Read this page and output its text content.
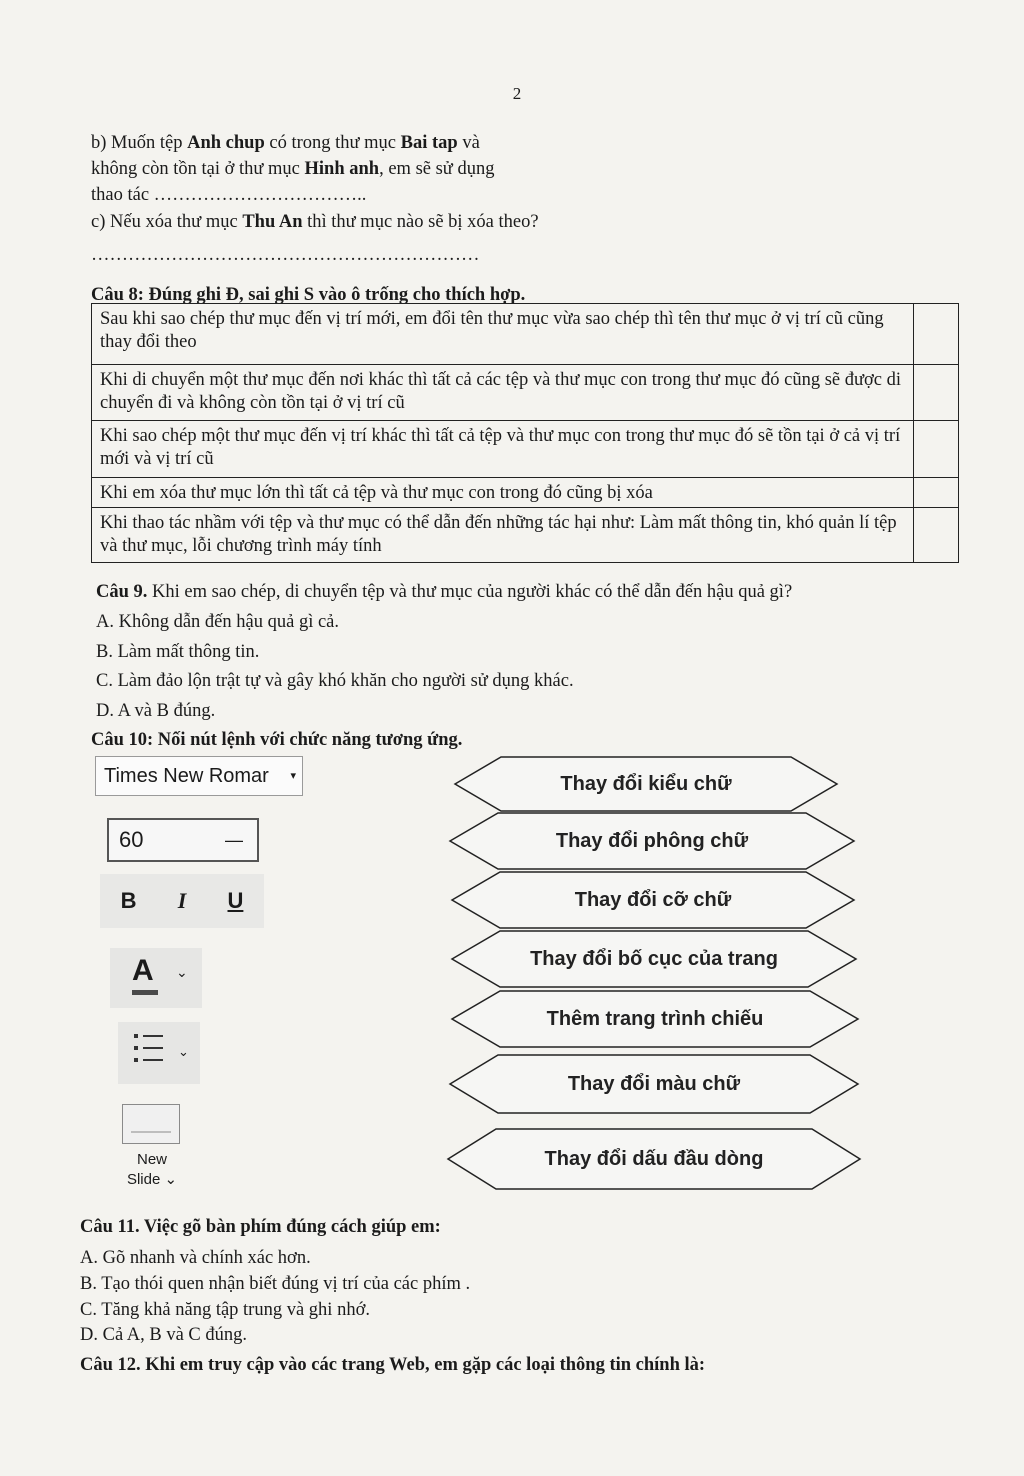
2
b) Muốn tệp Anh chup có trong thư mục Bai tap và
không còn tồn tại ở thư mục Hinh anh, em sẽ sử dụng
thao tác ……………………………..
c) Nếu xóa thư mục Thu An thì thư mục nào sẽ bị xóa theo?
………………………………………………………
Câu 8: Đúng ghi Đ, sai ghi S vào ô trống cho thích hợp.
Sau khi sao chép thư mục đến vị trí mới, em đổi tên thư mục vừa sao chép thì tên thư mục ở vị trí cũ cũng thay đổi theo	
Khi di chuyển một thư mục đến nơi khác thì tất cả các tệp và thư mục con trong thư mục đó cũng sẽ được di chuyển đi và không còn tồn tại ở vị trí cũ	
Khi sao chép một thư mục đến vị trí khác thì tất cả tệp và thư mục con trong thư mục đó sẽ tồn tại ở cả vị trí mới và vị trí cũ	
Khi em xóa thư mục lớn thì tất cả tệp và thư mục con trong đó cũng bị xóa	
Khi thao tác nhầm với tệp và thư mục có thể dẫn đến những tác hại như: Làm mất thông tin, khó quản lí tệp và thư mục, lỗi chương trình máy tính	
Câu 9. Khi em sao chép, di chuyển tệp và thư mục của người khác có thể dẫn đến hậu quả gì?
A. Không dẫn đến hậu quả gì cả.
B. Làm mất thông tin.
C. Làm đảo lộn trật tự và gây khó khăn cho người sử dụng khác.
D. A và B đúng.
Câu 10: Nối nút lệnh với chức năng tương ứng.
Times New Romar ▾
60	—
B I U
A ⌄
⌄
New
Slide ⌄
Thay đổi kiểu chữ
Thay đổi phông chữ
Thay đổi cỡ chữ
Thay đổi bố cục của trang
Thêm trang trình chiếu
Thay đổi màu chữ
Thay đổi dấu đầu dòng
Câu 11. Việc gõ bàn phím đúng cách giúp em:
A. Gõ nhanh và chính xác hơn.
B. Tạo thói quen nhận biết đúng vị trí của các phím .
C. Tăng khả năng tập trung và ghi nhớ.
D. Cả A, B và C đúng.
Câu 12. Khi em truy cập vào các trang Web, em gặp các loại thông tin chính là:
